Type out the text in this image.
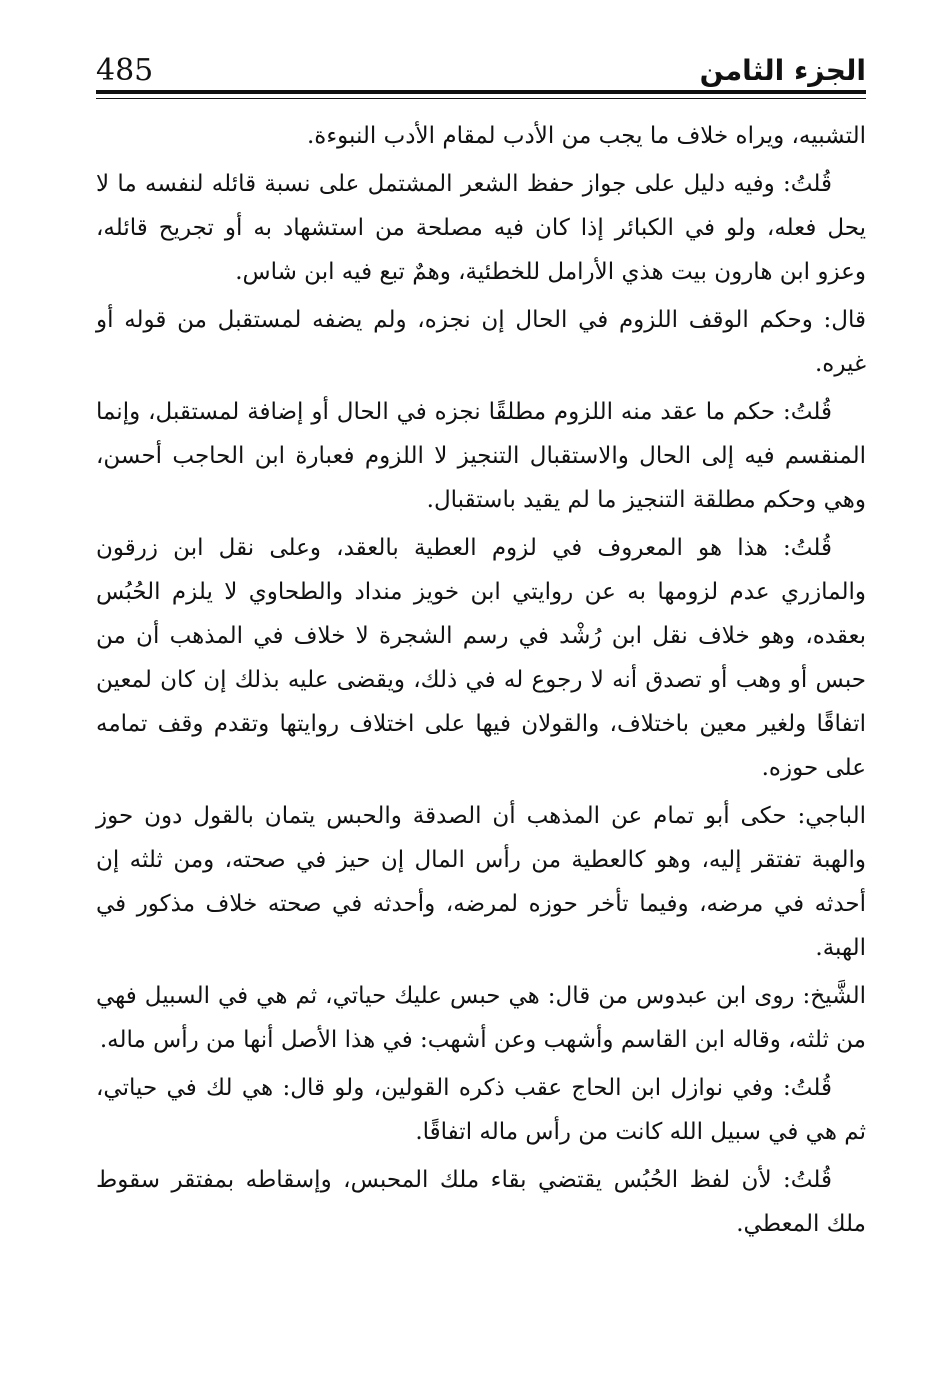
485	الجزء الثامن

التشبيه، ويراه خلاف ما يجب من الأدب لمقام الأدب النبوءة.

قُلتُ: وفيه دليل على جواز حفظ الشعر المشتمل على نسبة قائله لنفسه ما لا يحل فعله، ولو في الكبائر إذا كان فيه مصلحة من استشهاد به أو تجريح قائله، وعزو ابن هارون بيت هذي الأرامل للخطئية، وهمٌ تبع فيه ابن شاس.

قال: وحكم الوقف اللزوم في الحال إن نجزه، ولم يضفه لمستقبل من قوله أو غيره.

قُلتُ: حكم ما عقد منه اللزوم مطلقًا نجزه في الحال أو إضافة لمستقبل، وإنما المنقسم فيه إلى الحال والاستقبال التنجيز لا اللزوم فعبارة ابن الحاجب أحسن، وهي وحكم مطلقة التنجيز ما لم يقيد باستقبال.

قُلتُ: هذا هو المعروف في لزوم العطية بالعقد، وعلى نقل ابن زرقون والمازري عدم لزومها به عن روايتي ابن خويز منداد والطحاوي لا يلزم الحُبُس بعقده، وهو خلاف نقل ابن رُشْد في رسم الشجرة لا خلاف في المذهب أن من حبس أو وهب أو تصدق أنه لا رجوع له في ذلك، ويقضى عليه بذلك إن كان لمعين اتفاقًا ولغير معين باختلاف، والقولان فيها على اختلاف روايتها وتقدم وقف تمامه على حوزه.

الباجي: حكى أبو تمام عن المذهب أن الصدقة والحبس يتمان بالقول دون حوز والهبة تفتقر إليه، وهو كالعطية من رأس المال إن حيز في صحته، ومن ثلثه إن أحدثه في مرضه، وفيما تأخر حوزه لمرضه، وأحدثه في صحته خلاف مذكور في الهبة.

الشَّيخ: روى ابن عبدوس من قال: هي حبس عليك حياتي، ثم هي في السبيل فهي من ثلثه، وقاله ابن القاسم وأشهب وعن أشهب: في هذا الأصل أنها من رأس ماله.

قُلتُ: وفي نوازل ابن الحاج عقب ذكره القولين، ولو قال: هي لك في حياتي، ثم هي في سبيل الله كانت من رأس ماله اتفاقًا.

قُلتُ: لأن لفظ الحُبُس يقتضي بقاء ملك المحبس، وإسقاطه بمفتقر سقوط ملك المعطي.
